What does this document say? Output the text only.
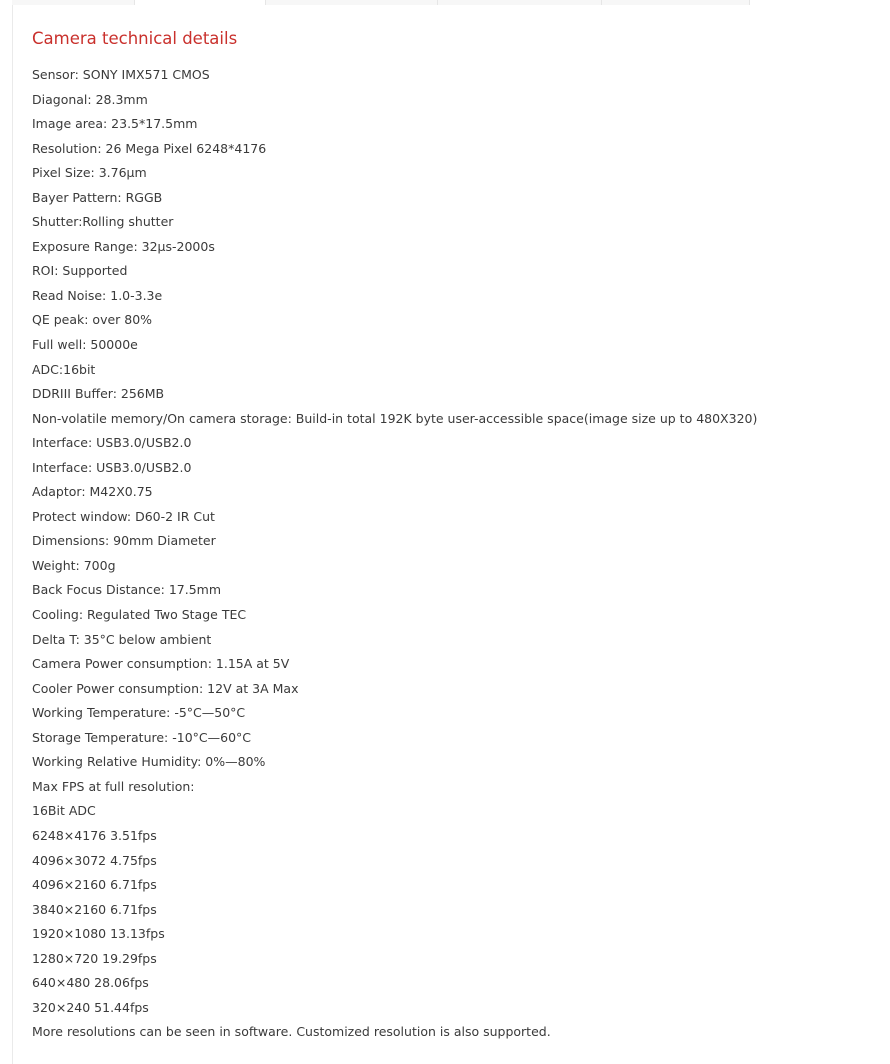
Camera technical details
Sensor: SONY IMX571 CMOS
Diagonal: 28.3mm
Image area: 23.5*17.5mm
Resolution: 26 Mega Pixel 6248*4176
Pixel Size: 3.76μm
Bayer Pattern: RGGB
Shutter:Rolling shutter
Exposure Range: 32μs-2000s
ROI: Supported
Read Noise: 1.0-3.3e
QE peak: over 80%
Full well: 50000e
ADC:16bit
DDRIII Buffer: 256MB
Non-volatile memory/On camera storage: Build-in total 192K byte user-accessible space(image size up to 480X320)
Interface: USB3.0/USB2.0
Interface: USB3.0/USB2.0
Adaptor: M42X0.75
Protect window: D60-2 IR Cut
Dimensions: 90mm Diameter
Weight: 700g
Back Focus Distance: 17.5mm
Cooling: Regulated Two Stage TEC
Delta T: 35°C below ambient
Camera Power consumption: 1.15A at 5V
Cooler Power consumption: 12V at 3A Max
Working Temperature: -5°C—50°C
Storage Temperature: -10°C—60°C
Working Relative Humidity: 0%—80%
Max FPS at full resolution:
16Bit ADC
6248×4176 3.51fps
4096×3072 4.75fps
4096×2160 6.71fps
3840×2160 6.71fps
1920×1080 13.13fps
1280×720 19.29fps
640×480 28.06fps
320×240 51.44fps
More resolutions can be seen in software. Customized resolution is also supported.
